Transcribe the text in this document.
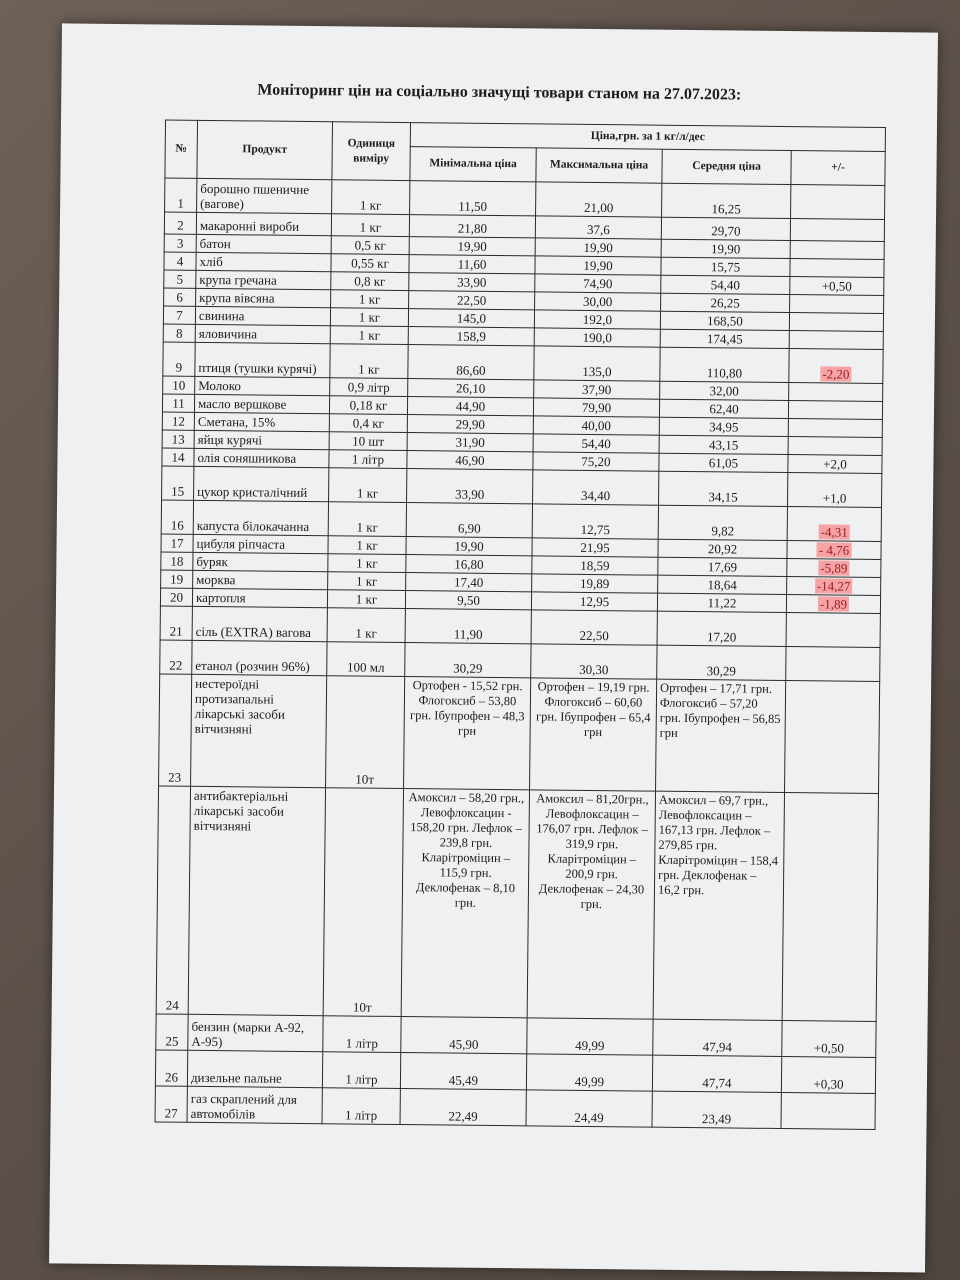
Моніторинг цін на соціально значущі товари станом на 27.07.2023:
№	Продукт	Одиниця виміру	Ціна,грн. за 1 кг/л/дес			
			Мінімальна ціна	Максимальна ціна	Середня ціна	+/-
1	борошно пшеничне (вагове)	1 кг	11,50	21,00	16,25	
2	макаронні вироби	1 кг	21,80	37,6	29,70	
3	батон	0,5 кг	19,90	19,90	19,90	
4	хліб	0,55 кг	11,60	19,90	15,75	
5	крупа гречана	0,8 кг	33,90	74,90	54,40	+0,50
6	крупа вівсяна	1 кг	22,50	30,00	26,25	
7	свинина	1 кг	145,0	192,0	168,50	
8	яловичина	1 кг	158,9	190,0	174,45	
9	птиця (тушки курячі)	1 кг	86,60	135,0	110,80	-2,20
10	Молоко	0,9 літр	26,10	37,90	32,00	
11	масло вершкове	0,18 кг	44,90	79,90	62,40	
12	Сметана, 15%	0,4 кг	29,90	40,00	34,95	
13	яйця курячі	10 шт	31,90	54,40	43,15	
14	олія соняшникова	1 літр	46,90	75,20	61,05	+2,0
15	цукор кристалічний	1 кг	33,90	34,40	34,15	+1,0
16	капуста білокачанна	1 кг	6,90	12,75	9,82	-4,31
17	цибуля ріпчаста	1 кг	19,90	21,95	20,92	- 4,76
18	буряк	1 кг	16,80	18,59	17,69	-5,89
19	морква	1 кг	17,40	19,89	18,64	-14,27
20	картопля	1 кг	9,50	12,95	11,22	-1,89
21	сіль (EXTRA) вагова	1 кг	11,90	22,50	17,20	
22	етанол (розчин 96%)	100 мл	30,29	30,30	30,29	
23	нестероїдні протизапальні лікарські засоби вітчизняні	10т	Ортофен - 15,52 грн. Флогоксиб – 53,80 грн. Ібупрофен – 48,3 грн	Ортофен – 19,19 грн. Флогоксиб – 60,60 грн. Ібупрофен – 65,4 грн	Ортофен – 17,71 грн. Флогоксиб – 57,20 грн. Ібупрофен – 56,85 грн	
24	антибактеріальні лікарські засоби вітчизняні	10т	Амоксил – 58,20 грн., Левофлоксацин - 158,20 грн. Лефлок – 239,8 грн. Кларітроміцин – 115,9 грн. Деклофенак – 8,10 грн.	Амоксил – 81,20грн., Левофлоксацин – 176,07 грн. Лефлок – 319,9 грн. Кларітроміцин – 200,9 грн. Деклофенак – 24,30 грн.	Амоксил – 69,7 грн., Левофлоксацин – 167,13 грн. Лефлок – 279,85 грн. Кларітроміцин – 158,4 грн. Деклофенак – 16,2 грн.	
25	бензин (марки А-92, А-95)	1 літр	45,90	49,99	47,94	+0,50
26	дизельне пальне	1 літр	45,49	49,99	47,74	+0,30
27	газ скраплений для автомобілів	1 літр	22,49	24,49	23,49	
